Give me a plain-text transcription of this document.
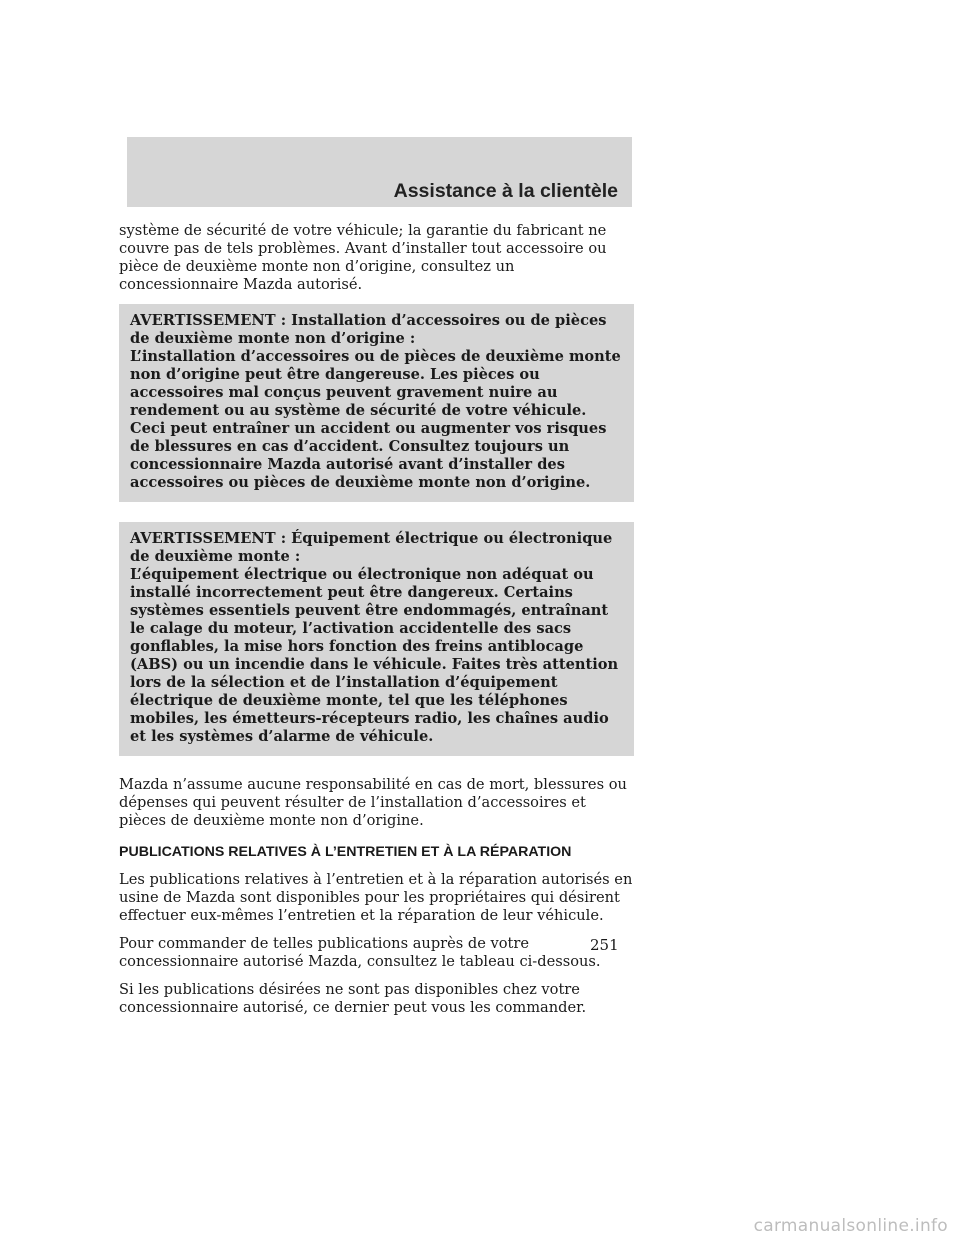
Assistance à la clientèle

système de sécurité de votre véhicule; la garantie du fabricant ne couvre pas de tels problèmes. Avant d’installer tout accessoire ou pièce de deuxième monte non d’origine, consultez un concessionnaire Mazda autorisé.

AVERTISSEMENT : Installation d’accessoires ou de pièces de deuxième monte non d’origine :

L’installation d’accessoires ou de pièces de deuxième monte non d’origine peut être dangereuse. Les pièces ou accessoires mal conçus peuvent gravement nuire au rendement ou au système de sécurité de votre véhicule. Ceci peut entraîner un accident ou augmenter vos risques de blessures en cas d’accident. Consultez toujours un concessionnaire Mazda autorisé avant d’installer des accessoires ou pièces de deuxième monte non d’origine.

AVERTISSEMENT : Équipement électrique ou électronique de deuxième monte :

L’équipement électrique ou électronique non adéquat ou installé incorrectement peut être dangereux. Certains systèmes essentiels peuvent être endommagés, entraînant le calage du moteur, l’activation accidentelle des sacs gonflables, la mise hors fonction des freins antiblocage (ABS) ou un incendie dans le véhicule. Faites très attention lors de la sélection et de l’installation d’équipement électrique de deuxième monte, tel que les téléphones mobiles, les émetteurs-récepteurs radio, les chaînes audio et les systèmes d’alarme de véhicule.

Mazda n’assume aucune responsabilité en cas de mort, blessures ou dépenses qui peuvent résulter de l’installation d’accessoires et pièces de deuxième monte non d’origine.

PUBLICATIONS RELATIVES À L’ENTRETIEN ET À LA RÉPARATION

Les publications relatives à l’entretien et à la réparation autorisés en usine de Mazda sont disponibles pour les propriétaires qui désirent effectuer eux-mêmes l’entretien et la réparation de leur véhicule.

Pour commander de telles publications auprès de votre concessionnaire autorisé Mazda, consultez le tableau ci-dessous.

Si les publications désirées ne sont pas disponibles chez votre concessionnaire autorisé, ce dernier peut vous les commander.

251

carmanualsonline.info
